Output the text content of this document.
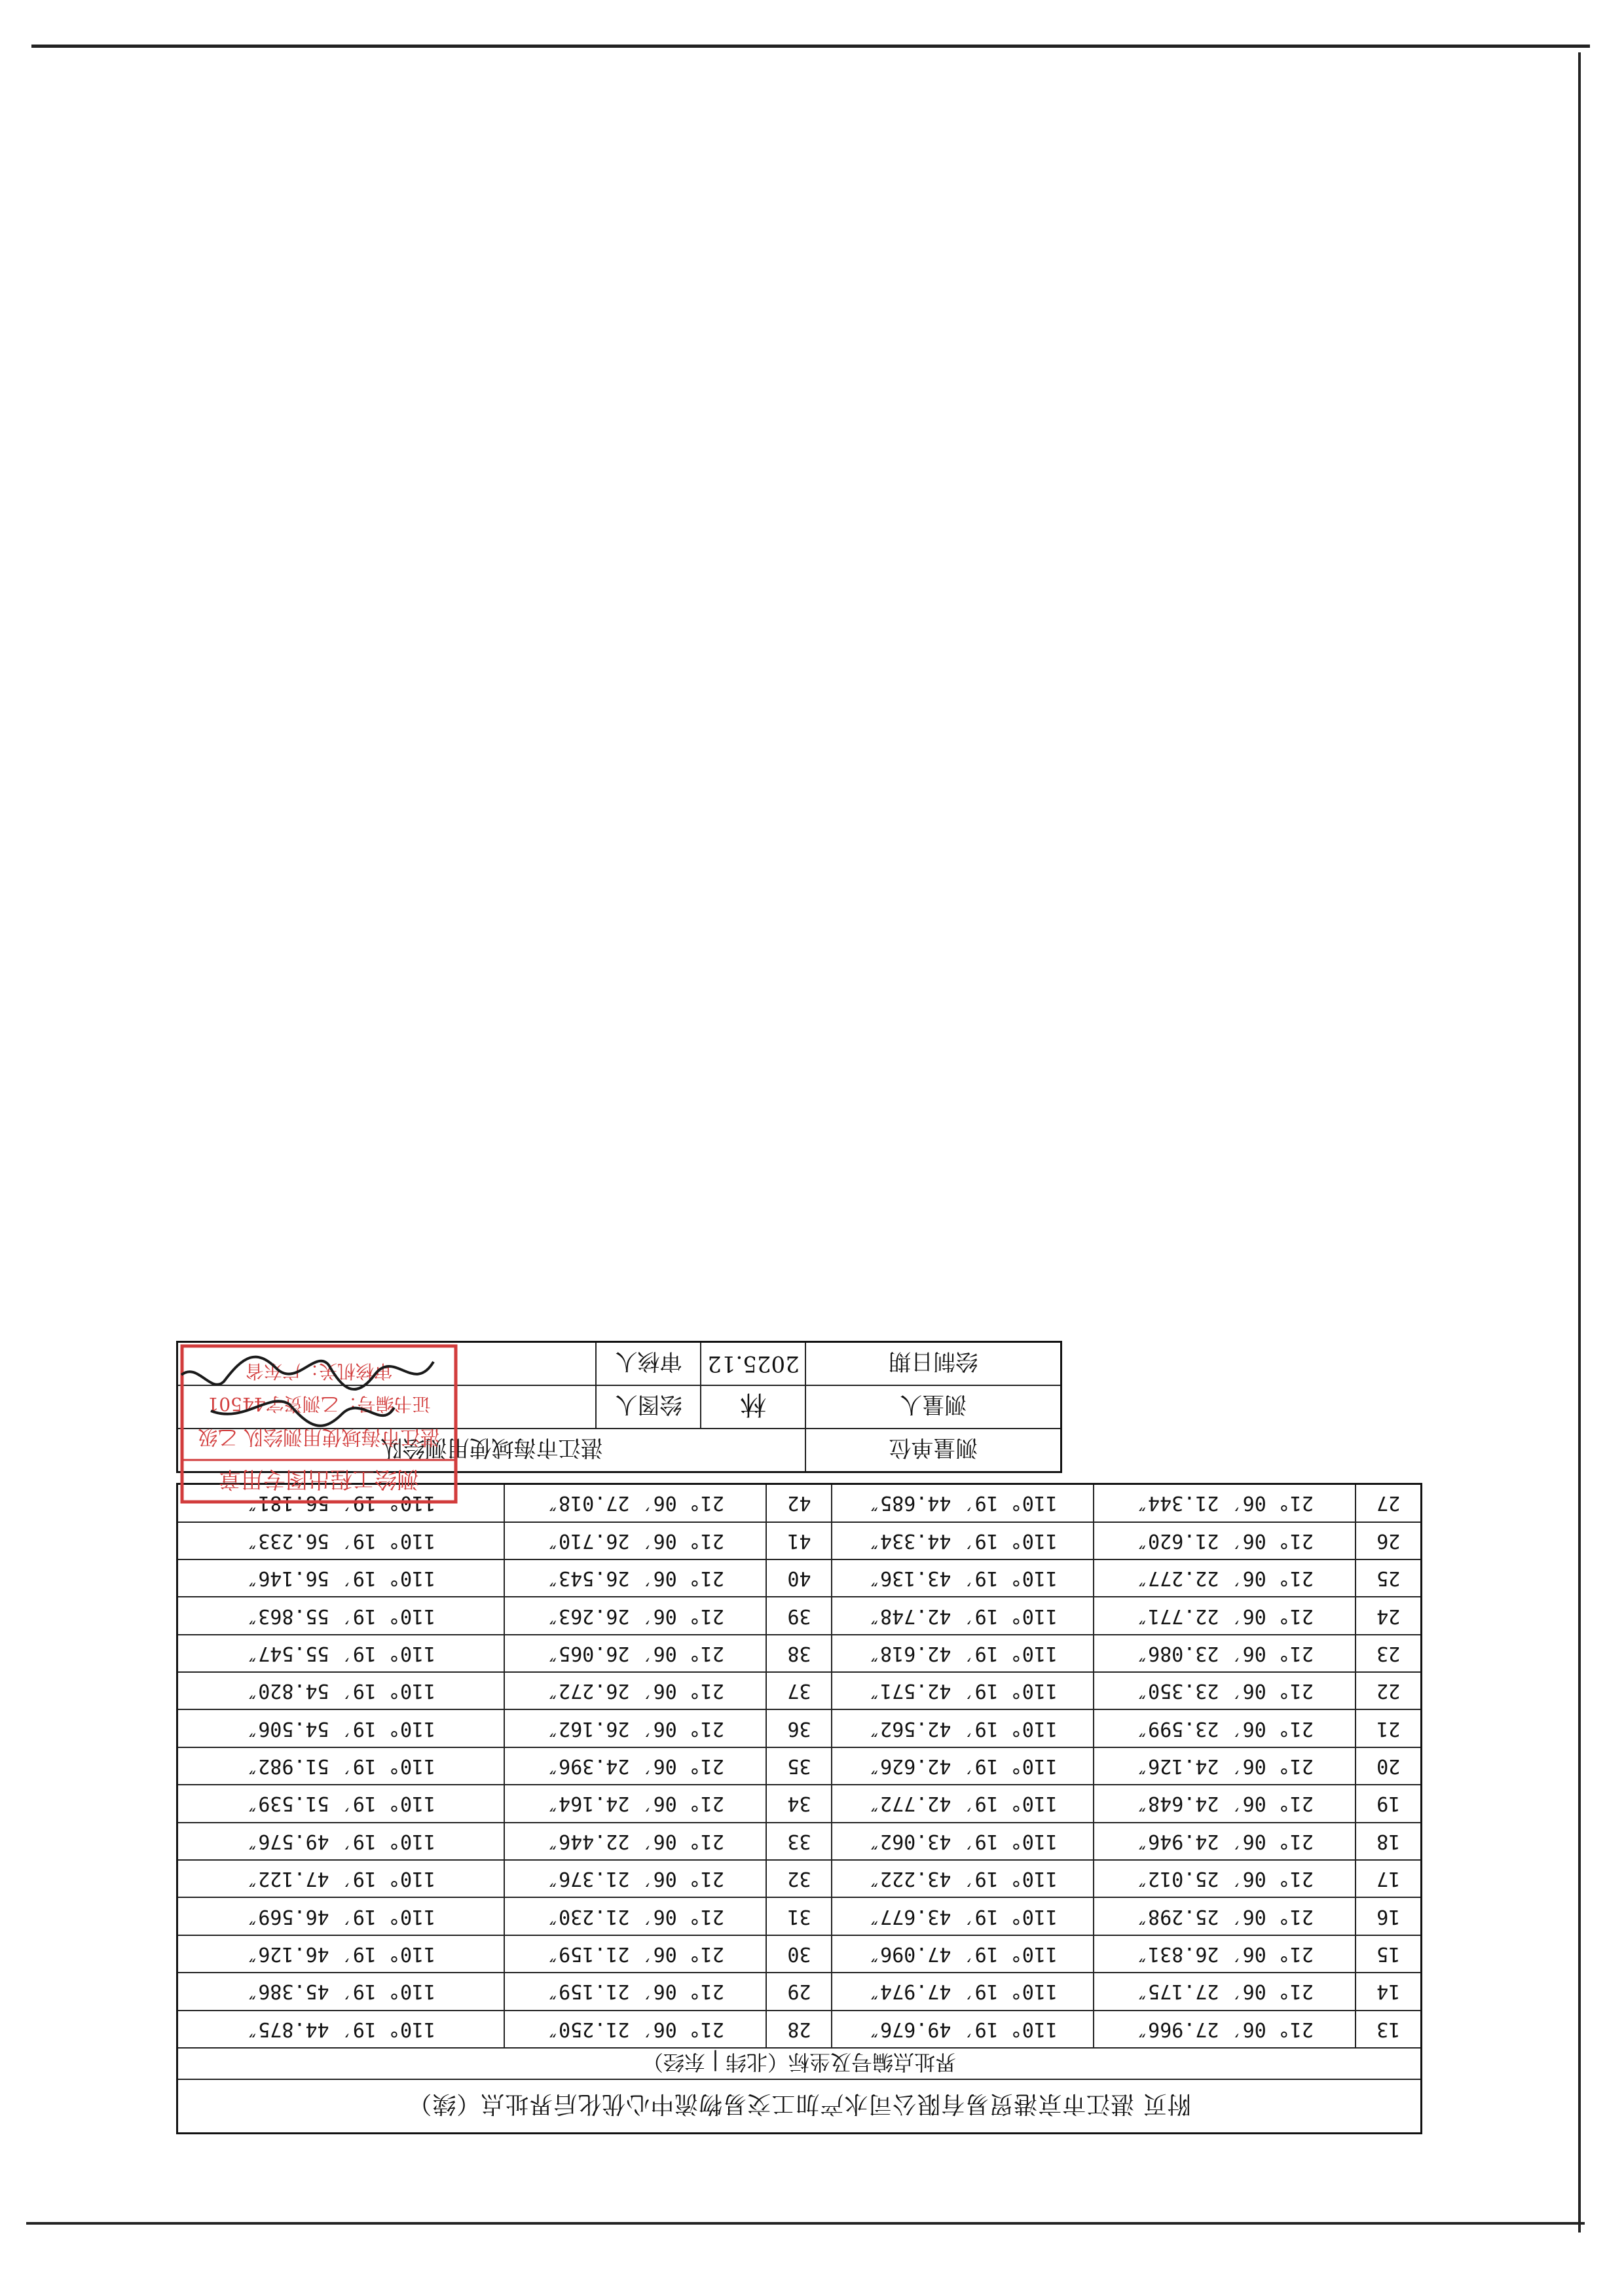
附页 湛江市京港贸易有限公司水产加工交易物流中心优化后界址点（续）					
界址点编号及坐标（北纬 | 东经）					
13	21° 06′ 27.966″	110° 19′ 49.676″	28	21° 06′ 21.250″	110° 19′ 44.875″
14	21° 06′ 27.175″	110° 19′ 47.974″	29	21° 06′ 21.159″	110° 19′ 45.386″
15	21° 06′ 26.831″	110° 19′ 47.096″	30	21° 06′ 21.159″	110° 19′ 46.126″
16	21° 06′ 25.298″	110° 19′ 43.677″	31	21° 06′ 21.230″	110° 19′ 46.569″
17	21° 06′ 25.012″	110° 19′ 43.222″	32	21° 06′ 21.376″	110° 19′ 47.122″
18	21° 06′ 24.946″	110° 19′ 43.062″	33	21° 06′ 22.446″	110° 19′ 49.576″
19	21° 06′ 24.648″	110° 19′ 42.772″	34	21° 06′ 24.164″	110° 19′ 51.539″
20	21° 06′ 24.126″	110° 19′ 42.626″	35	21° 06′ 24.396″	110° 19′ 51.982″
21	21° 06′ 23.599″	110° 19′ 42.562″	36	21° 06′ 26.162″	110° 19′ 54.506″
22	21° 06′ 23.350″	110° 19′ 42.571″	37	21° 06′ 26.272″	110° 19′ 54.820″
23	21° 06′ 23.086″	110° 19′ 42.618″	38	21° 06′ 26.065″	110° 19′ 55.547″
24	21° 06′ 22.771″	110° 19′ 42.748″	39	21° 06′ 26.263″	110° 19′ 55.863″
25	21° 06′ 22.277″	110° 19′ 43.136″	40	21° 06′ 26.543″	110° 19′ 56.146″
26	21° 06′ 21.620″	110° 19′ 44.334″	41	21° 06′ 26.710″	110° 19′ 56.233″
27	21° 06′ 21.344″	110° 19′ 44.685″	42	21° 06′ 27.018″	110° 19′ 56.181″
测量单位	湛江市海域使用测绘队		
测量人	林	绘图人	
绘制日期	2025.12	审核人	
测绘工程出图专用章
湛江市海域使用测绘队 乙级
证书编号：乙测资字44501
审核机关：广东省
